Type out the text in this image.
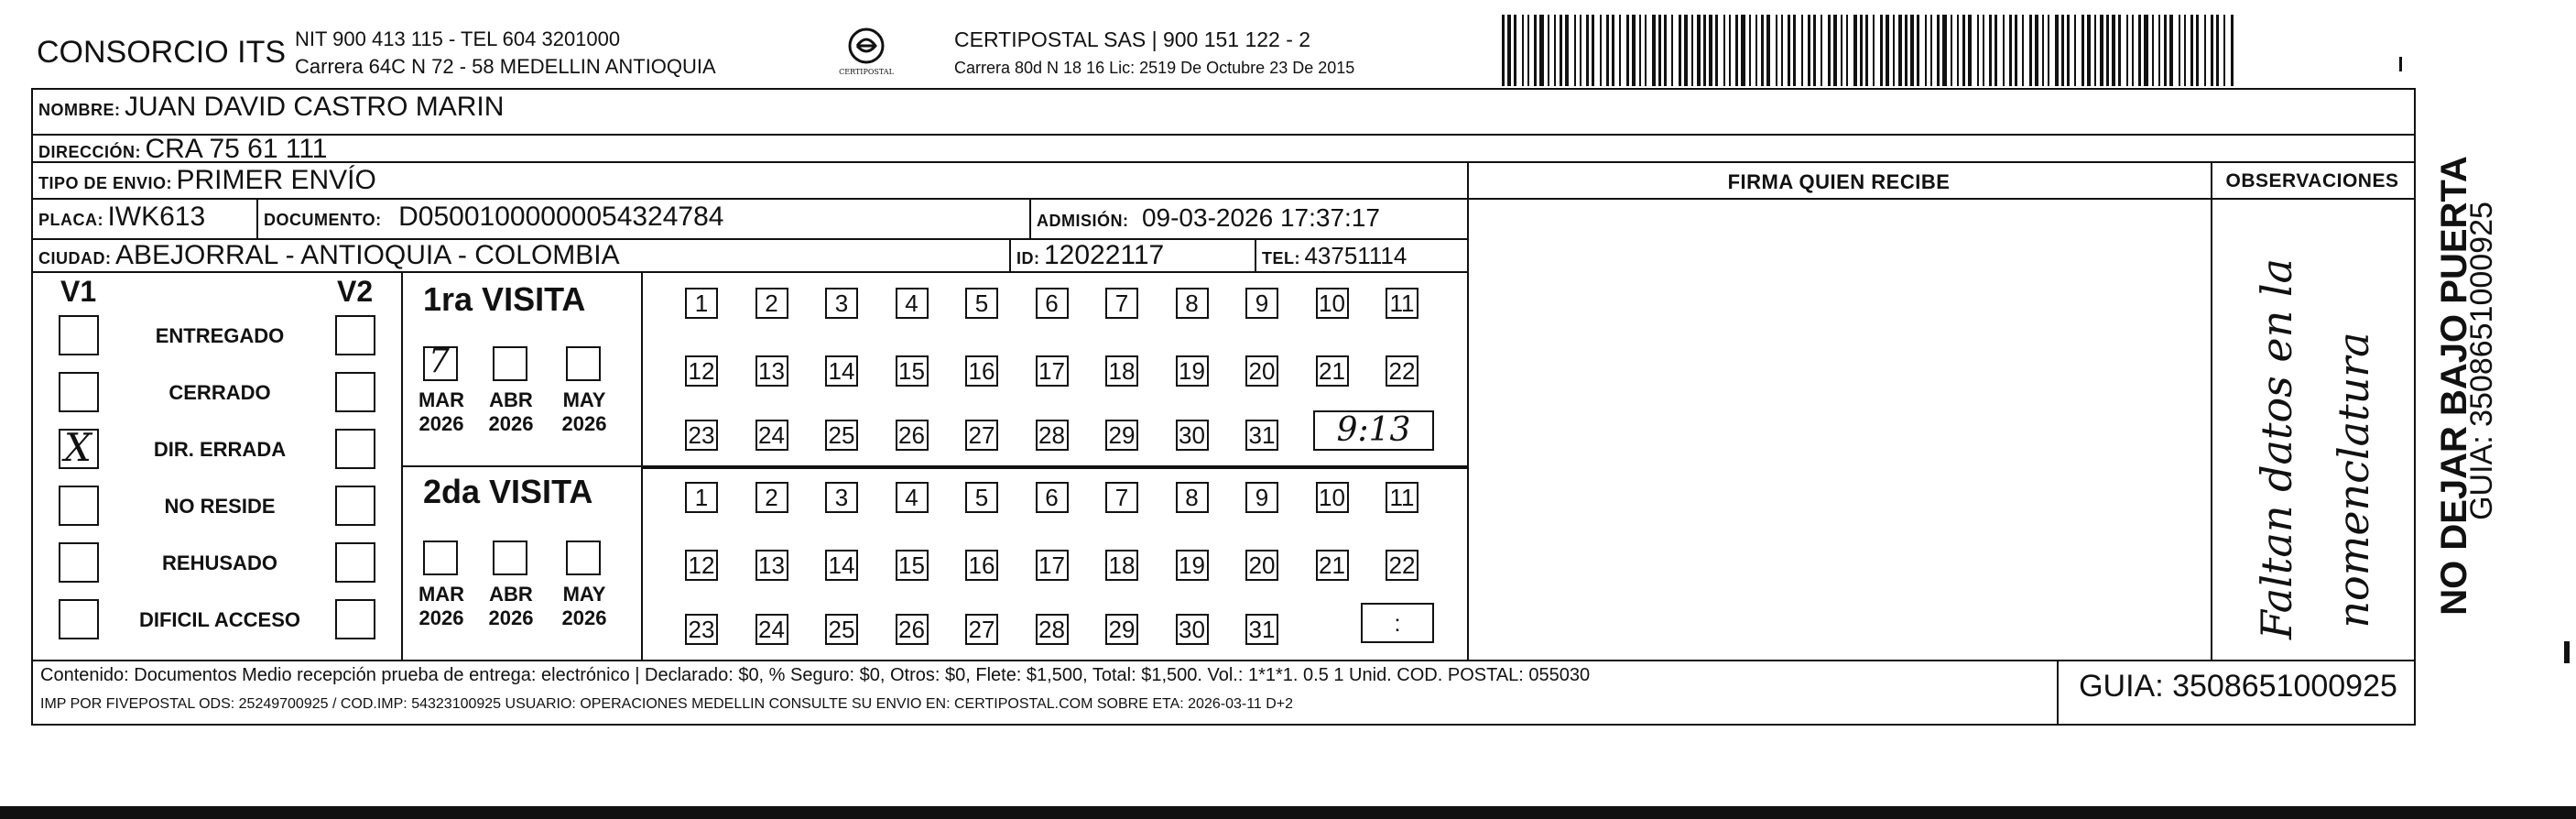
CONSORCIO ITS NIT 900 413 115 - TEL 604 3201000
Carrera 64C N 72 - 58 MEDELLIN ANTIOQUIA	CERTIPOSTAL
CERTIPOSTAL SAS | 900 151 122 - 2
Carrera 80d N 18 16 Lic: 2519 De Octubre 23 De 2015
NOMBRE: JUAN DAVID CASTRO MARIN
DIRECCIÓN: CRA 75 61 111
TIPO DE ENVIO: PRIMER ENVÍO
PLACA: IWK613	DOCUMENTO: D05001000000054324784	ADMISIÓN: 09-03-2026 17:37:17
CIUDAD: ABEJORRAL - ANTIOQUIA - COLOMBIA	ID: 12022117	TEL: 43751114
FIRMA QUIEN RECIBE	OBSERVACIONES
Faltan datos en la nomenclatura NO DEJAR BAJO PUERTA
GUIA: 3508651000925
V1	V2
ENTREGADO
CERRADO
X	DIR. ERRADA
NO RESIDE
REHUSADO
DIFICIL ACCESO
1ra VISITA
7
MAR
2026
ABR
2026
MAY
2026
1	2	3	4	5	6	7	8	9	10 11
12 13 14 15 16 17 18 19 20 21 22
23 24 25 26 27 28 29 30 31	9:13
2da VISITA
MAR
2026
ABR
2026
MAY
2026
1	2	3	4	5	6	7	8	9	10 11
12 13 14 15 16 17 18 19 20 21 22
23 24 25 26 27 28 29 30 31	:
Contenido: Documentos Medio recepción prueba de entrega: electrónico | Declarado: $0, % Seguro: $0, Otros: $0, Flete: $1,500, Total: $1,500. Vol.: 1*1*1. 0.5 1 Unid. COD. POSTAL: 055030
IMP POR FIVEPOSTAL ODS: 25249700925 / COD.IMP: 54323100925 USUARIO: OPERACIONES MEDELLIN CONSULTE SU ENVIO EN: CERTIPOSTAL.COM SOBRE ETA: 2026-03-11 D+2
GUIA: 3508651000925
